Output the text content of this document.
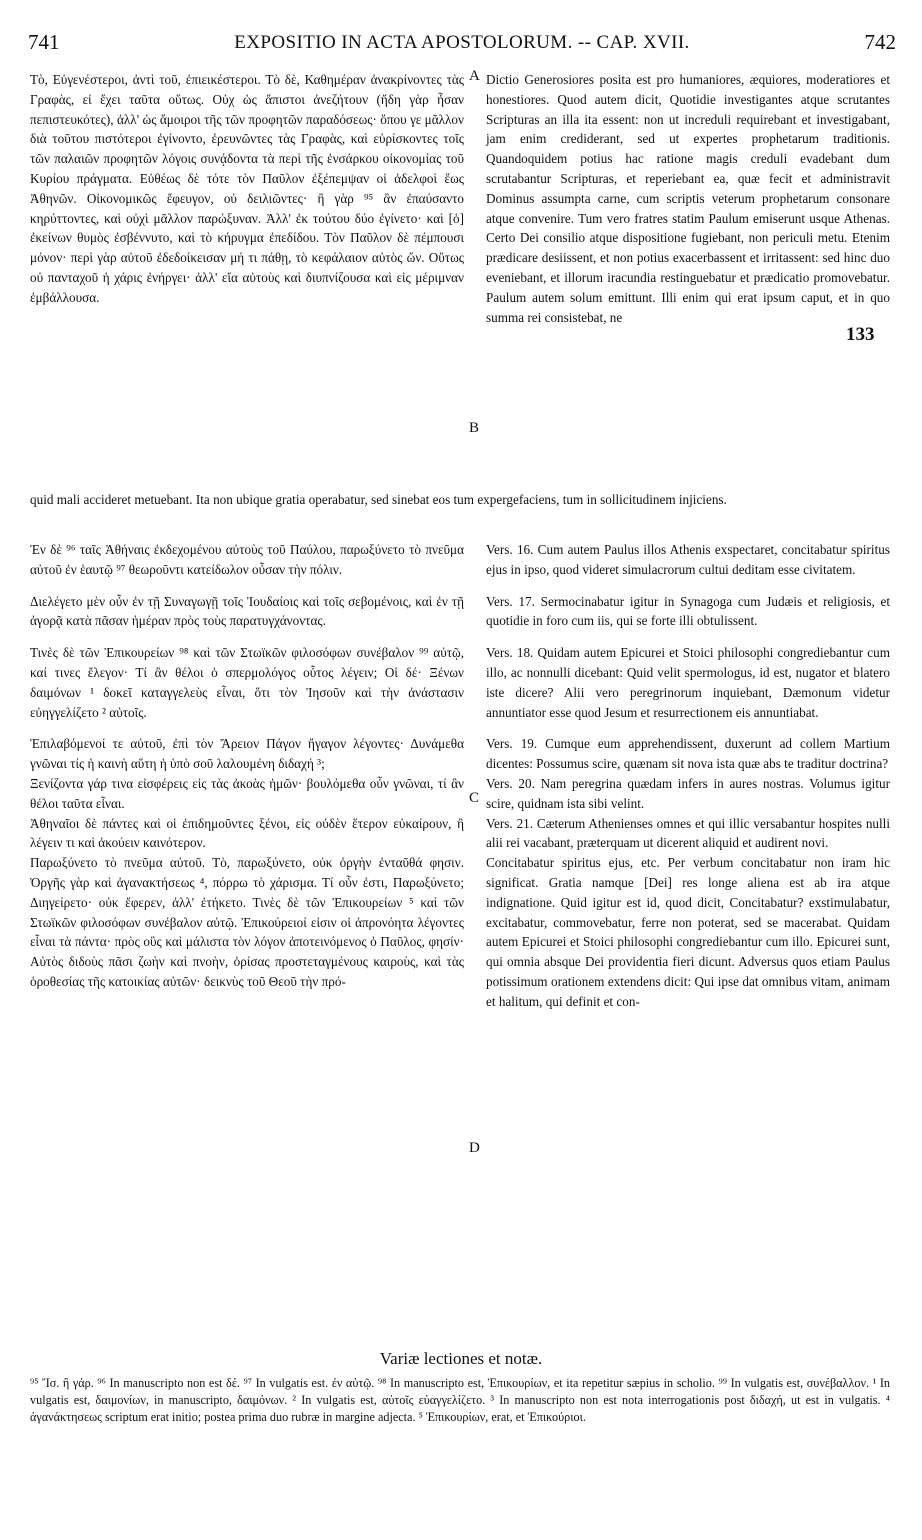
741	EXPOSITIO IN ACTA APOSTOLORUM. -- CAP. XVII.	742

Τὸ, Εὐγενέστεροι, ἀντὶ τοῦ, ἐπιεικέστεροι. Τὸ δὲ, Καθημέραν ἀνακρίνοντες τὰς Γραφὰς, εἰ ἔχει ταῦτα οὕτως. Οὐχ ὡς ἄπιστοι ἀνεζήτουν (ἤδη γὰρ ἦσαν πεπιστευκότες), ἀλλ' ὡς ἄμοιροι τῆς τῶν προφητῶν παραδόσεως· ὅπου γε μᾶλλον διὰ τοῦτου πιστότεροι ἐγίνοντο, ἐρευνῶντες τὰς Γραφὰς, καὶ εὑρίσκοντες τοῖς τῶν παλαιῶν προφητῶν λόγοις συνᾴδοντα τὰ περὶ τῆς ἐνσάρκου οἰκονομίας τοῦ Κυρίου πράγματα. Εὐθέως δὲ τότε τὸν Παῦλον ἐξέπεμψαν οἱ ἀδελφοὶ ἕως Ἀθηνῶν. Οἰκονομικῶς ἔφευγον, οὐ δειλιῶντες· ἢ γὰρ ⁹⁵ ἂν ἐπαύσαντο κηρύττοντες, καὶ οὐχὶ μᾶλλον παρώξυναν. Ἀλλ' ἐκ τούτου δύο ἐγίνετο· καὶ [ὁ] ἐκείνων θυμὸς ἐσβέννυτο, καὶ τὸ κήρυγμα ἐπεδίδου. Τὸν Παῦλον δὲ πέμπουσι μόνον· περὶ γὰρ αὐτοῦ ἐδεδοίκεισαν μή τι πάθῃ, τὸ κεφάλαιον αὐτὸς ὤν. Οὕτως οὐ πανταχοῦ ἡ χάρις ἐνήργει· ἀλλ' εἴα αὐτοὺς καὶ διυπνίζουσα καὶ εἰς μέριμναν ἐμβάλλουσα.

A
B
133

Dictio Generosiores posita est pro humaniores, æquiores, moderatiores et honestiores. Quod autem dicit, Quotidie investigantes atque scrutantes Scripturas an illa ita essent: non ut increduli requirebant et investigabant, jam enim crediderant, sed ut expertes prophetarum traditionis. Quandoquidem potius hac ratione magis creduli evadebant dum scrutabantur Scripturas, et reperiebant ea, quæ fecit et administravit Dominus assumpta carne, cum scriptis veterum prophetarum consonare atque convenire. Tum vero fratres statim Paulum emiserunt usque Athenas. Certo Dei consilio atque dispositione fugiebant, non periculi metu. Etenim prædicare desiissent, et non potius exacerbassent et irritassent: sed hinc duo eveniebant, et illorum iracundia restinguebatur et prædicatio promovebatur. Paulum autem solum emittunt. Illi enim qui erat ipsum caput, et in quo summa rei consistebat, ne

quid mali accideret metuebant. Ita non ubique gratia operabatur, sed sinebat eos tum expergefaciens, tum in sollicitudinem injiciens.

Ἐν δὲ ⁹⁶ ταῖς Ἀθήναις ἐκδεχομένου αὐτοὺς τοῦ Παύλου, παρωξύνετο τὸ πνεῦμα αὐτοῦ ἐν ἑαυτῷ ⁹⁷ θεωροῦντι κατείδωλον οὖσαν τὴν πόλιν.

Διελέγετο μὲν οὖν ἐν τῇ Συναγωγῇ τοῖς Ἰουδαίοις καὶ τοῖς σεβομένοις, καὶ ἐν τῇ ἀγορᾷ κατὰ πᾶσαν ἡμέραν πρὸς τοὺς παρατυγχάνοντας.

Τινὲς δὲ τῶν Ἐπικουρείων ⁹⁸ καὶ τῶν Στωϊκῶν φιλοσόφων συνέβαλον ⁹⁹ αὐτῷ, καί τινες ἔλεγον· Τί ἂν θέλοι ὁ σπερμολόγος οὗτος λέγειν; Οἱ δέ· Ξένων δαιμόνων ¹ δοκεῖ καταγγελεὺς εἶναι, ὅτι τὸν Ἰησοῦν καὶ τὴν ἀνάστασιν εὐηγγελίζετο ² αὐτοῖς.

Ἐπιλαβόμενοί τε αὐτοῦ, ἐπὶ τὸν Ἄρειον Πάγον ἤγαγον λέγοντες· Δυνάμεθα γνῶναι τίς ἡ καινὴ αὕτη ἡ ὑπὸ σοῦ λαλουμένη διδαχή ³;

Ξενίζοντα γάρ τινα εἰσφέρεις εἰς τὰς ἀκοὰς ἡμῶν· βουλόμεθα οὖν γνῶναι, τί ἂν θέλοι ταῦτα εἶναι.

Ἀθηναῖοι δὲ πάντες καὶ οἱ ἐπιδημοῦντες ξένοι, εἰς οὐδὲν ἕτερον εὐκαίρουν, ἢ λέγειν τι καὶ ἀκούειν καινότερον.

Παρωξύνετο τὸ πνεῦμα αὐτοῦ. Τὸ, παρωξύνετο, οὐκ ὀργὴν ἐνταῦθά φησιν. Ὀργῆς γὰρ καὶ ἀγανακτήσεως ⁴, πόρρω τὸ χάρισμα. Τί οὖν ἐστι, Παρωξύνετο; Διηγείρετο· οὐκ ἔφερεν, ἀλλ' ἐτήκετο. Τινὲς δὲ τῶν Ἐπικουρείων ⁵ καὶ τῶν Στωϊκῶν φιλοσόφων συνέβαλον αὐτῷ. Ἐπικούρειοί εἰσιν οἱ ἀπρονόητα λέγοντες εἶναι τὰ πάντα· πρὸς οὓς καὶ μάλιστα τὸν λόγον ἀποτεινόμενος ὁ Παῦλος, φησίν· Αὐτὸς διδοὺς πᾶσι ζωὴν καὶ πνοὴν, ὁρίσας προστεταγμένους καιροὺς, καὶ τὰς ὁροθεσίας τῆς κατοικίας αὐτῶν· δεικνὺς τοῦ Θεοῦ τὴν πρό-

C
D

Vers. 16. Cum autem Paulus illos Athenis exspectaret, concitabatur spiritus ejus in ipso, quod videret simulacrorum cultui deditam esse civitatem.

Vers. 17. Sermocinabatur igitur in Synagoga cum Judæis et religiosis, et quotidie in foro cum iis, qui se forte illi obtulissent.

Vers. 18. Quidam autem Epicurei et Stoici philosophi congrediebantur cum illo, ac nonnulli dicebant: Quid velit spermologus, id est, nugator et blatero iste dicere? Alii vero peregrinorum inquiebant, Dæmonum videtur annuntiator esse quod Jesum et resurrectionem eis annuntiabat.

Vers. 19. Cumque eum apprehendissent, duxerunt ad collem Martium dicentes: Possumus scire, quænam sit nova ista quæ abs te traditur doctrina?

Vers. 20. Nam peregrina quædam infers in aures nostras. Volumus igitur scire, quidnam ista sibi velint.

Vers. 21. Cæterum Athenienses omnes et qui illic versabantur hospites nulli alii rei vacabant, præterquam ut dicerent aliquid et audirent novi.

Concitabatur spiritus ejus, etc. Per verbum concitabatur non iram hic significat. Gratia namque [Dei] res longe aliena est ab ira atque indignatione. Quid igitur est id, quod dicit, Concitabatur? exstimulabatur, excitabatur, commovebatur, ferre non poterat, sed se macerabat. Quidam autem Epicurei et Stoici philosophi congrediebantur cum illo. Epicurei sunt, qui omnia absque Dei providentia fieri dicunt. Adversus quos etiam Paulus potissimum orationem extendens dicit: Qui ipse dat omnibus vitam, animam et halitum, qui definit et con-

Variæ lectiones et notæ.
⁹⁵ Ἴσ. ἢ γάρ. ⁹⁶ In manuscripto non est δέ. ⁹⁷ In vulgatis est. ἐν αὐτῷ. ⁹⁸ In manuscripto est, Ἐπικουρίων, et ita repetitur sæpius in scholio. ⁹⁹ In vulgatis est, συνέβαλλον. ¹ In vulgatis est, δαιμονίων, in manuscripto, δαιμόνων. ² In vulgatis est, αὐτοῖς εὐαγγελίζετο. ³ In manuscripto non est nota interrogationis post διδαχή, ut est in vulgatis. ⁴ ἀγανάκτησεως scriptum erat initio; postea prima duo rubræ in margine adjecta. ⁵ Ἐπικουρίων, erat, et Ἐπικούριοι.
